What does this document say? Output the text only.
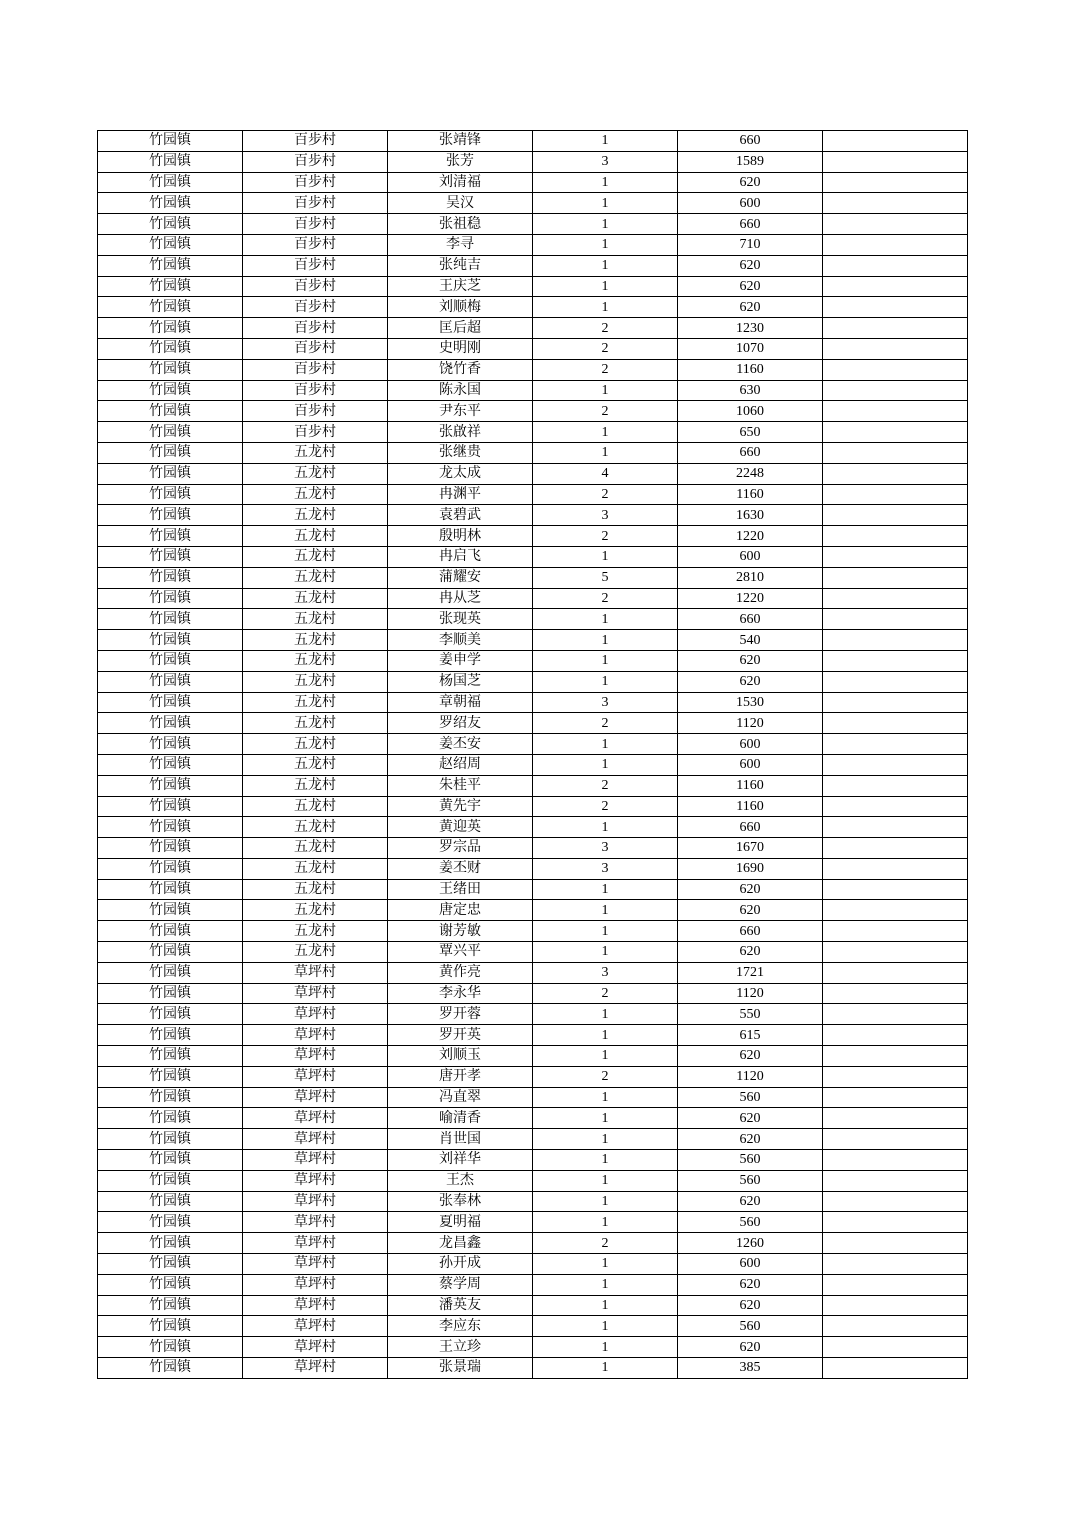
竹园镇	百步村	张靖锋	1	660	
竹园镇	百步村	张芳	3	1589	
竹园镇	百步村	刘清福	1	620	
竹园镇	百步村	吴汉	1	600	
竹园镇	百步村	张祖稳	1	660	
竹园镇	百步村	李寻	1	710	
竹园镇	百步村	张纯吉	1	620	
竹园镇	百步村	王庆芝	1	620	
竹园镇	百步村	刘顺梅	1	620	
竹园镇	百步村	匡后超	2	1230	
竹园镇	百步村	史明刚	2	1070	
竹园镇	百步村	饶竹香	2	1160	
竹园镇	百步村	陈永国	1	630	
竹园镇	百步村	尹东平	2	1060	
竹园镇	百步村	张啟祥	1	650	
竹园镇	五龙村	张继贵	1	660	
竹园镇	五龙村	龙太成	4	2248	
竹园镇	五龙村	冉渊平	2	1160	
竹园镇	五龙村	袁碧武	3	1630	
竹园镇	五龙村	殷明林	2	1220	
竹园镇	五龙村	冉启飞	1	600	
竹园镇	五龙村	蒲耀安	5	2810	
竹园镇	五龙村	冉从芝	2	1220	
竹园镇	五龙村	张现英	1	660	
竹园镇	五龙村	李顺美	1	540	
竹园镇	五龙村	姜申学	1	620	
竹园镇	五龙村	杨国芝	1	620	
竹园镇	五龙村	章朝福	3	1530	
竹园镇	五龙村	罗绍友	2	1120	
竹园镇	五龙村	姜丕安	1	600	
竹园镇	五龙村	赵绍周	1	600	
竹园镇	五龙村	朱桂平	2	1160	
竹园镇	五龙村	黄先宇	2	1160	
竹园镇	五龙村	黄迎英	1	660	
竹园镇	五龙村	罗宗品	3	1670	
竹园镇	五龙村	姜丕财	3	1690	
竹园镇	五龙村	王绪田	1	620	
竹园镇	五龙村	唐定忠	1	620	
竹园镇	五龙村	谢芳敏	1	660	
竹园镇	五龙村	覃兴平	1	620	
竹园镇	草坪村	黄作亮	3	1721	
竹园镇	草坪村	李永华	2	1120	
竹园镇	草坪村	罗开蓉	1	550	
竹园镇	草坪村	罗开英	1	615	
竹园镇	草坪村	刘顺玉	1	620	
竹园镇	草坪村	唐开孝	2	1120	
竹园镇	草坪村	冯直翠	1	560	
竹园镇	草坪村	喻清香	1	620	
竹园镇	草坪村	肖世国	1	620	
竹园镇	草坪村	刘祥华	1	560	
竹园镇	草坪村	王杰	1	560	
竹园镇	草坪村	张奉林	1	620	
竹园镇	草坪村	夏明福	1	560	
竹园镇	草坪村	龙昌鑫	2	1260	
竹园镇	草坪村	孙开成	1	600	
竹园镇	草坪村	蔡学周	1	620	
竹园镇	草坪村	潘英友	1	620	
竹园镇	草坪村	李应东	1	560	
竹园镇	草坪村	王立珍	1	620	
竹园镇	草坪村	张景瑞	1	385	
